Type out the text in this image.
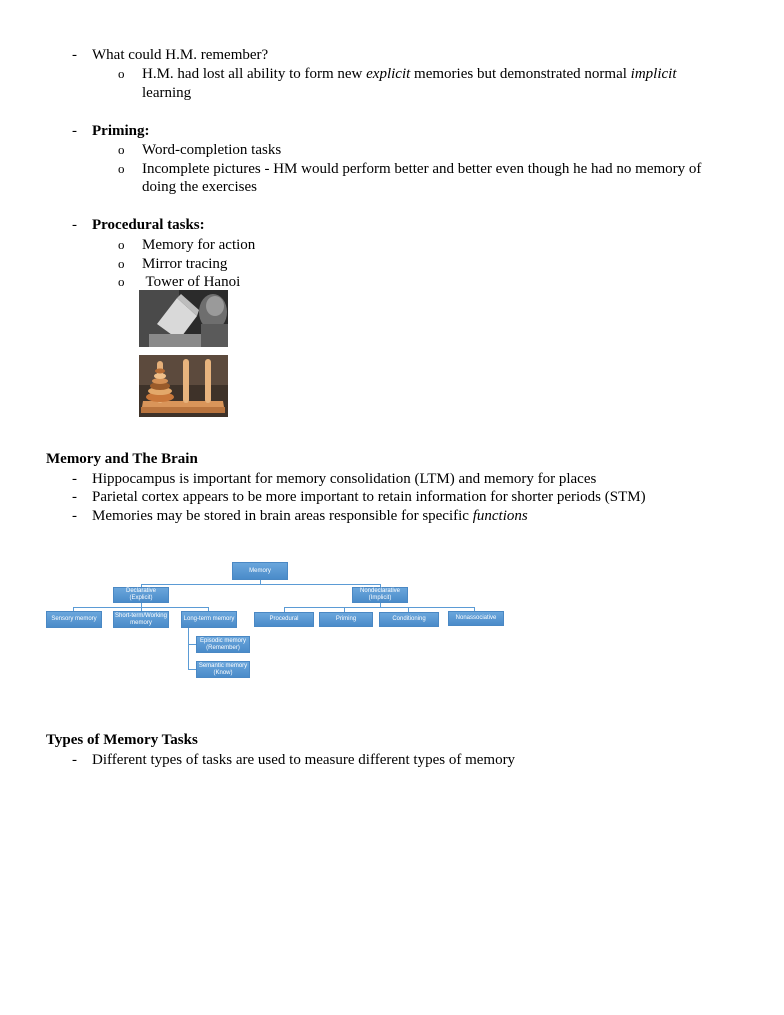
- What could H.M. remember?
o H.M. had lost all ability to form new explicit memories but demonstrated normal implicit
learning
- Priming:
o Word-completion tasks
o Incomplete pictures - HM would perform better and better even though he had no memory of
doing the exercises
- Procedural tasks:
o Memory for action
o Mirror tracing
o Tower of Hanoi
Memory and The Brain
- Hippocampus is important for memory consolidation (LTM) and memory for places
- Parietal cortex appears to be more important to retain information for shorter periods (STM)
- Memories may be stored in brain areas responsible for specific functions
Memory
Declarative (Explicit)
Nondeclarative (Implicit)
Sensory memory
Short-term/Working memory
Long-term memory
Episodic memory (Remember)
Semantic memory (Know)
Procedural	Priming	Conditioning	Nonassociative
Types of Memory Tasks
- Different types of tasks are used to measure different types of memory
